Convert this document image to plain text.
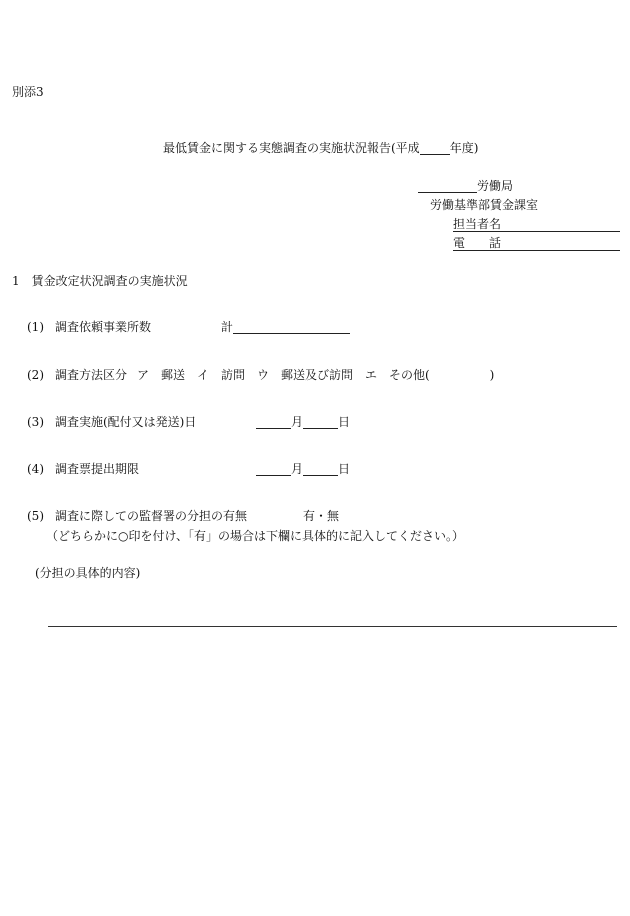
別添3
最低賃金に関する実態調査の実施状況報告(平成	年度)
労働局
労働基準部賃金課室
担当者名
電　　話
1　賃金改定状況調査の実施状況
(1) 調査依頼事業所数	計
(2) 調査方法区分 ア　郵送　イ　訪問　ウ　郵送及び訪問　エ　その他(　　　　　)
(3) 調査実施(配付又は発送)日	月	日
(4) 調査票提出期限	月	日
(5) 調査に際しての監督署の分担の有無	有・無
（どちらかに○印を付け、「有」の場合は下欄に具体的に記入してください。）
(分担の具体的内容)
